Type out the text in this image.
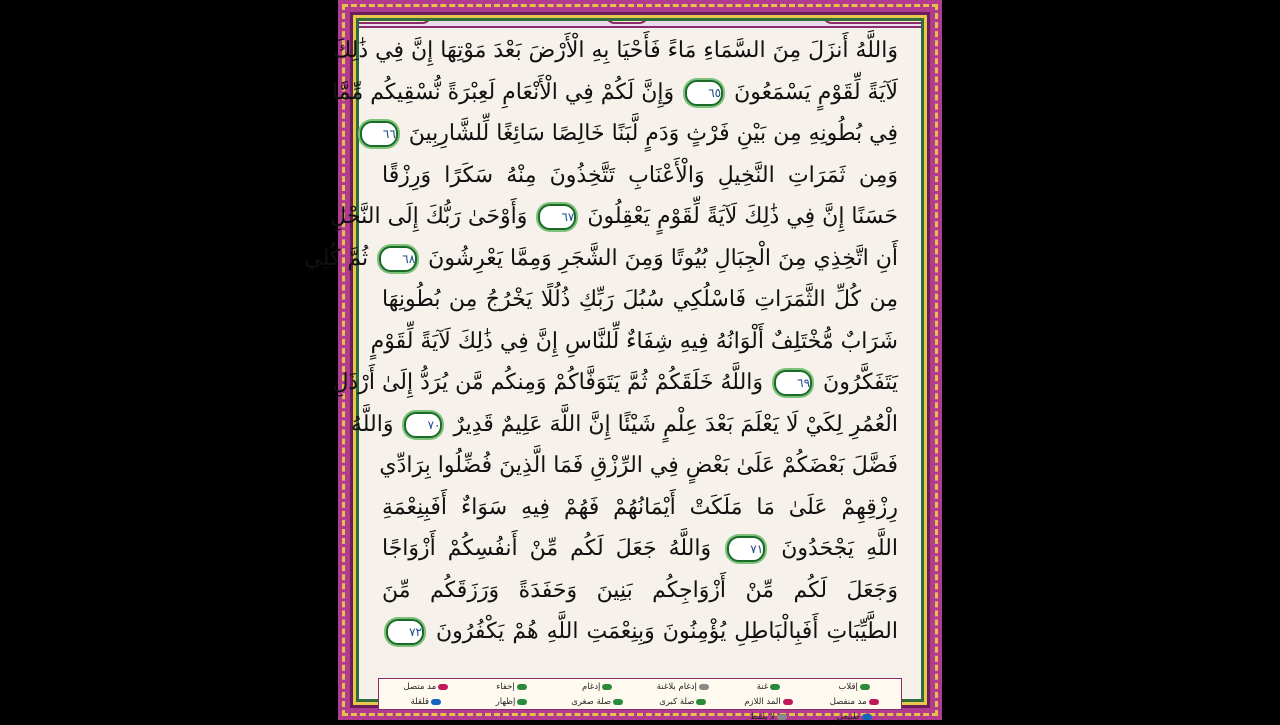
الجزء الرابع عشر
٢٧٤
سورة النحل
وَاللَّهُ أَنزَلَ مِنَ السَّمَاءِ مَاءً فَأَحْيَا بِهِ الْأَرْضَ بَعْدَ مَوْتِهَا إِنَّ فِي ذَٰلِكَ
لَآيَةً لِّقَوْمٍ يَسْمَعُونَ ٦٥ وَإِنَّ لَكُمْ فِي الْأَنْعَامِ لَعِبْرَةً نُّسْقِيكُم مِّمَّا
فِي بُطُونِهِ مِن بَيْنِ فَرْثٍ وَدَمٍ لَّبَنًا خَالِصًا سَائِغًا لِّلشَّارِبِينَ ٦٦
وَمِن ثَمَرَاتِ النَّخِيلِ وَالْأَعْنَابِ تَتَّخِذُونَ مِنْهُ سَكَرًا وَرِزْقًا
حَسَنًا إِنَّ فِي ذَٰلِكَ لَآيَةً لِّقَوْمٍ يَعْقِلُونَ ٦٧ وَأَوْحَىٰ رَبُّكَ إِلَى النَّحْلِ
أَنِ اتَّخِذِي مِنَ الْجِبَالِ بُيُوتًا وَمِنَ الشَّجَرِ وَمِمَّا يَعْرِشُونَ ٦٨ ثُمَّ كُلِي
مِن كُلِّ الثَّمَرَاتِ فَاسْلُكِي سُبُلَ رَبِّكِ ذُلُلًا يَخْرُجُ مِن بُطُونِهَا
شَرَابٌ مُّخْتَلِفٌ أَلْوَانُهُ فِيهِ شِفَاءٌ لِّلنَّاسِ إِنَّ فِي ذَٰلِكَ لَآيَةً لِّقَوْمٍ
يَتَفَكَّرُونَ ٦٩ وَاللَّهُ خَلَقَكُمْ ثُمَّ يَتَوَفَّاكُمْ وَمِنكُم مَّن يُرَدُّ إِلَىٰ أَرْذَلِ
الْعُمُرِ لِكَيْ لَا يَعْلَمَ بَعْدَ عِلْمٍ شَيْئًا إِنَّ اللَّهَ عَلِيمٌ قَدِيرٌ ٧٠ وَاللَّهُ
فَضَّلَ بَعْضَكُمْ عَلَىٰ بَعْضٍ فِي الرِّزْقِ فَمَا الَّذِينَ فُضِّلُوا بِرَادِّي
رِزْقِهِمْ عَلَىٰ مَا مَلَكَتْ أَيْمَانُهُمْ فَهُمْ فِيهِ سَوَاءٌ أَفَبِنِعْمَةِ
اللَّهِ يَجْحَدُونَ ٧١ وَاللَّهُ جَعَلَ لَكُم مِّنْ أَنفُسِكُمْ أَزْوَاجًا
وَجَعَلَ لَكُم مِّنْ أَزْوَاجِكُم بَنِينَ وَحَفَدَةً وَرَزَقَكُم مِّنَ
الطَّيِّبَاتِ أَفَبِالْبَاطِلِ يُؤْمِنُونَ وَبِنِعْمَتِ اللَّهِ هُمْ يَكْفُرُونَ ٧٢
إقلاب
غنة
إدغام بلاغنة
إدغام
إخفاء
مد متصل
مد منفصل
المد اللازم
صلة كبرى
صلة صغرى
إظهار
قلقلة
طبيعي
لا يلفظ
